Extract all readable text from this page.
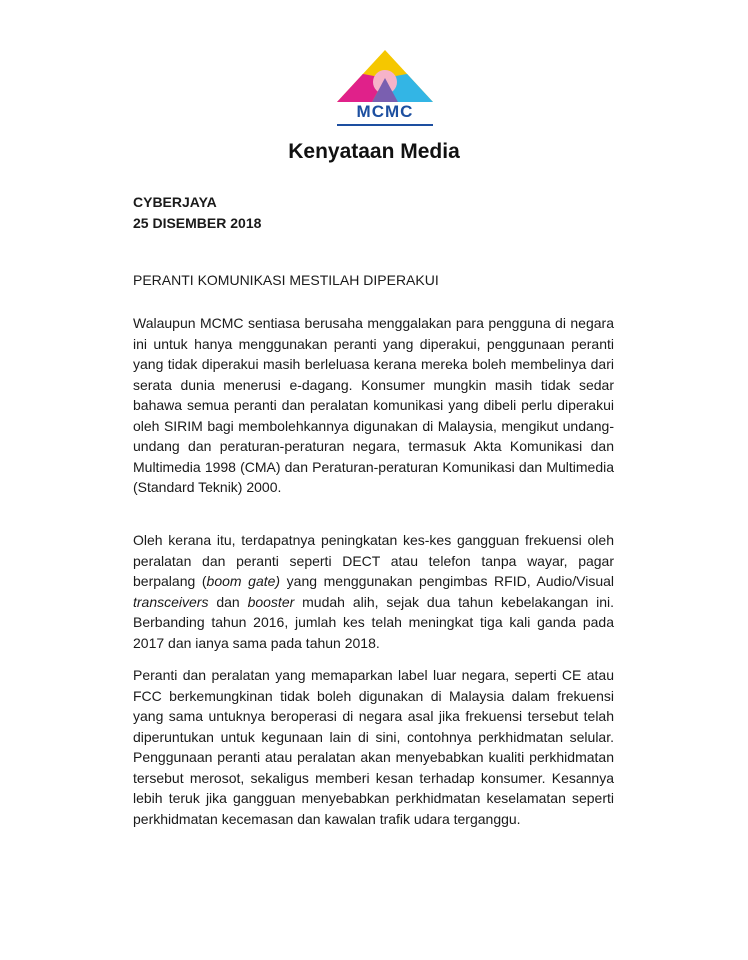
MCMC
Kenyataan Media
CYBERJAYA
25 DISEMBER 2018
PERANTI KOMUNIKASI MESTILAH DIPERAKUI

Walaupun MCMC sentiasa berusaha menggalakan para pengguna di negara ini untuk hanya menggunakan peranti yang diperakui, penggunaan peranti yang tidak diperakui masih berleluasa kerana mereka boleh membelinya dari serata dunia menerusi e-dagang. Konsumer mungkin masih tidak sedar bahawa semua peranti dan peralatan komunikasi yang dibeli perlu diperakui oleh SIRIM bagi membolehkannya digunakan di Malaysia, mengikut undang-undang dan peraturan-peraturan negara, termasuk Akta Komunikasi dan Multimedia 1998 (CMA) dan Peraturan-peraturan Komunikasi dan Multimedia (Standard Teknik) 2000.

Oleh kerana itu, terdapatnya peningkatan kes-kes gangguan frekuensi oleh peralatan dan peranti seperti DECT atau telefon tanpa wayar, pagar berpalang (boom gate) yang menggunakan pengimbas RFID, Audio/Visual transceivers dan booster mudah alih, sejak dua tahun kebelakangan ini. Berbanding tahun 2016, jumlah kes telah meningkat tiga kali ganda pada 2017 dan ianya sama pada tahun 2018.

Peranti dan peralatan yang memaparkan label luar negara, seperti CE atau FCC berkemungkinan tidak boleh digunakan di Malaysia dalam frekuensi yang sama untuknya beroperasi di negara asal jika frekuensi tersebut telah diperuntukan untuk kegunaan lain di sini, contohnya perkhidmatan selular. Penggunaan peranti atau peralatan akan menyebabkan kualiti perkhidmatan tersebut merosot, sekaligus memberi kesan terhadap konsumer. Kesannya lebih teruk jika gangguan menyebabkan perkhidmatan keselamatan seperti perkhidmatan kecemasan dan kawalan trafik udara terganggu.
